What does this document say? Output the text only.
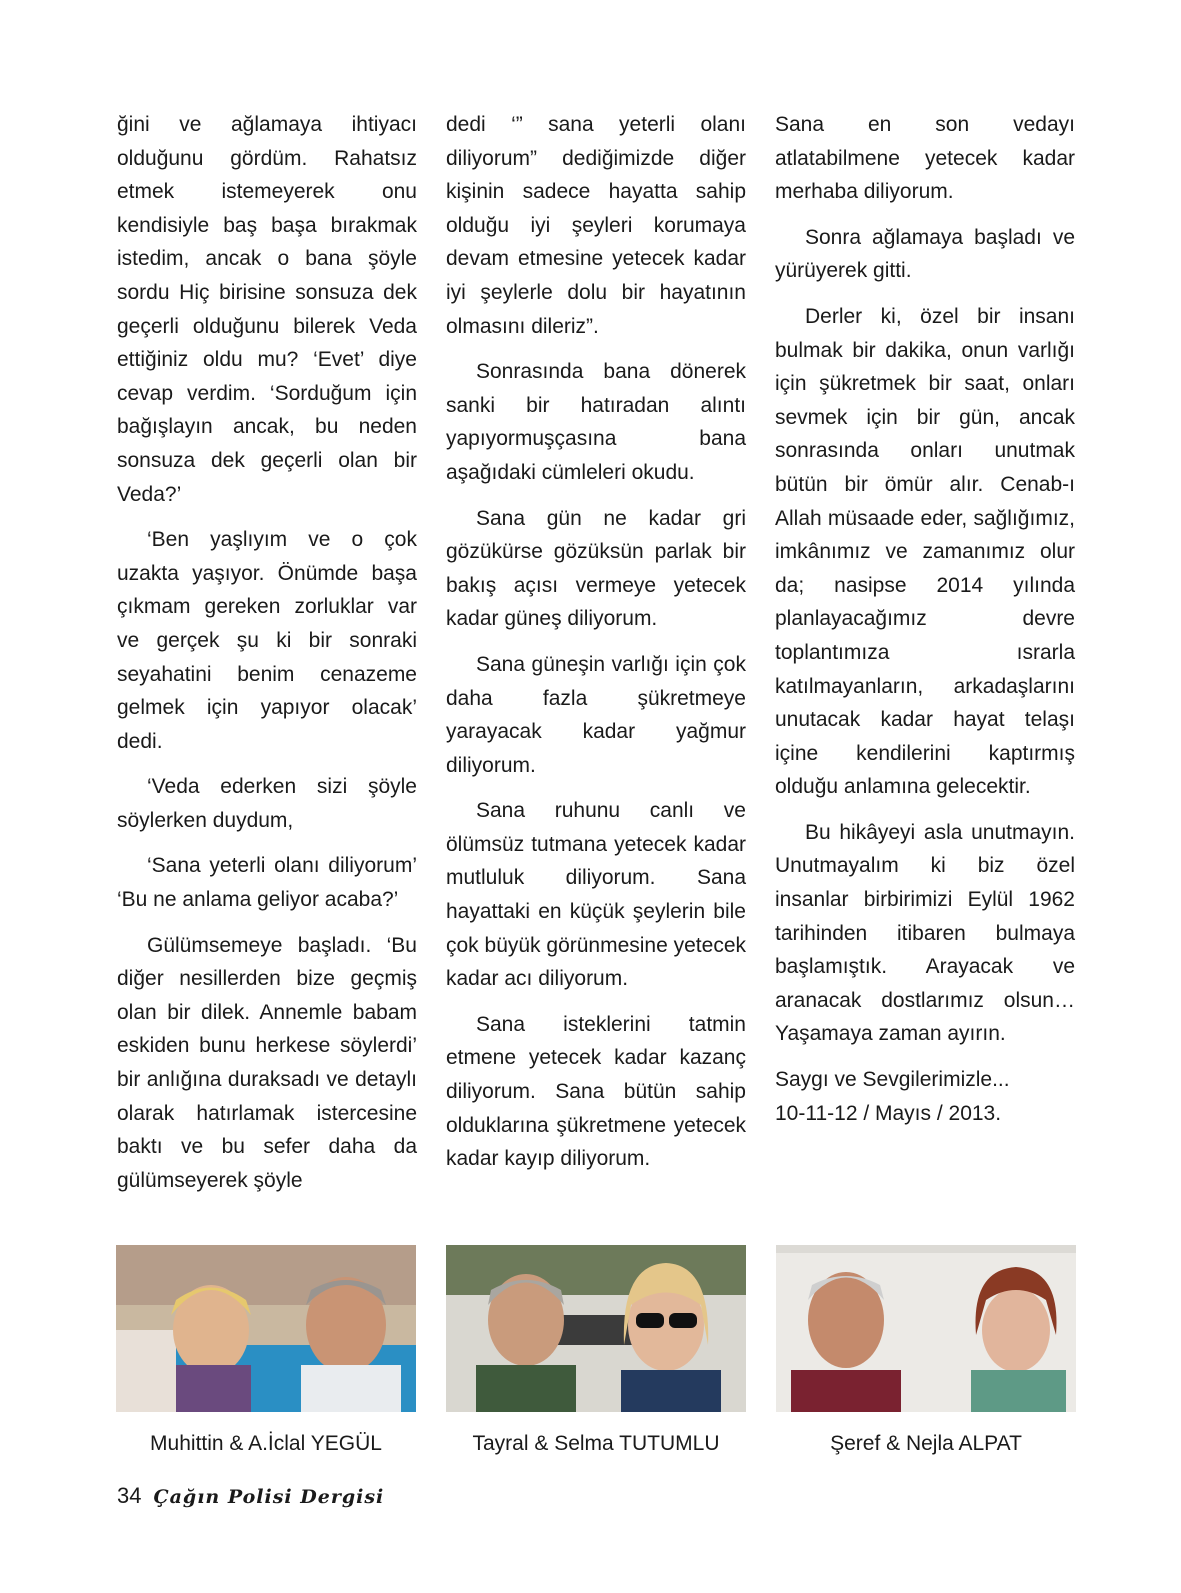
ğini ve ağlamaya ihtiyacı olduğunu gördüm. Rahatsız etmek istemeyerek onu kendisiyle baş başa bırakmak istedim, ancak o bana şöyle sordu Hiç birisine sonsuza dek geçerli olduğunu bilerek Veda ettiğiniz oldu mu? ‘Evet’ diye cevap verdim. ‘Sorduğum için bağışlayın ancak, bu neden sonsuza dek geçerli olan bir Veda?’

‘Ben yaşlıyım ve o çok uzakta yaşıyor. Önümde başa çıkmam gereken zorluklar var ve gerçek şu ki bir sonraki seyahatini benim cenazeme gelmek için yapıyor olacak’ dedi.

‘Veda ederken sizi şöyle söylerken duydum,

‘Sana yeterli olanı diliyorum’ ‘Bu ne anlama geliyor acaba?’

Gülümsemeye başladı. ‘Bu diğer nesillerden bize geçmiş olan bir dilek. Annemle babam eskiden bunu herkese söylerdi’ bir anlığına duraksadı ve detaylı olarak hatırlamak istercesine baktı ve bu sefer daha da gülümseyerek şöyle

dedi ‘” sana yeterli olanı diliyorum” dediğimizde diğer kişinin sadece hayatta sahip olduğu iyi şeyleri korumaya devam etmesine yetecek kadar iyi şeylerle dolu bir hayatının olmasını dileriz”.

Sonrasında bana dönerek sanki bir hatıradan alıntı yapıyormuşçasına bana aşağıdaki cümleleri okudu.

Sana gün ne kadar gri gözükürse gözüksün parlak bir bakış açısı vermeye yetecek kadar güneş diliyorum.

Sana güneşin varlığı için çok daha fazla şükretmeye yarayacak kadar yağmur diliyorum.

Sana ruhunu canlı ve ölümsüz tutmana yetecek kadar mutluluk diliyorum. Sana hayattaki en küçük şeylerin bile çok büyük görünmesine yetecek kadar acı diliyorum.

Sana isteklerini tatmin etmene yetecek kadar kazanç diliyorum. Sana bütün sahip olduklarına şükretmene yetecek kadar kayıp diliyorum.

Sana en son vedayı atlatabilmene yetecek kadar merhaba diliyorum.

Sonra ağlamaya başladı ve yürüyerek gitti.

Derler ki, özel bir insanı bulmak bir dakika, onun varlığı için şükretmek bir saat, onları sevmek için bir gün, ancak sonrasında onları unutmak bütün bir ömür alır. Cenab-ı Allah müsaade eder, sağlığımız, imkânımız ve zamanımız olur da; nasipse 2014 yılında planlayacağımız devre toplantımıza ısrarla katılmayanların, arkadaşlarını unutacak kadar hayat telaşı içine kendilerini kaptırmış olduğu anlamına gelecektir.

Bu hikâyeyi asla unutmayın. Unutmayalım ki biz özel insanlar birbirimizi Eylül 1962 tarihinden itibaren bulmaya başlamıştık. Arayacak ve aranacak dostlarımız olsun… Yaşamaya zaman ayırın.

Saygı ve Sevgilerimizle...

10-11-12 / Mayıs / 2013.

Muhittin & A.İclal YEGÜL	Tayral & Selma TUTUMLU	Şeref & Nejla ALPAT
34 Çağın Polisi Dergisi
